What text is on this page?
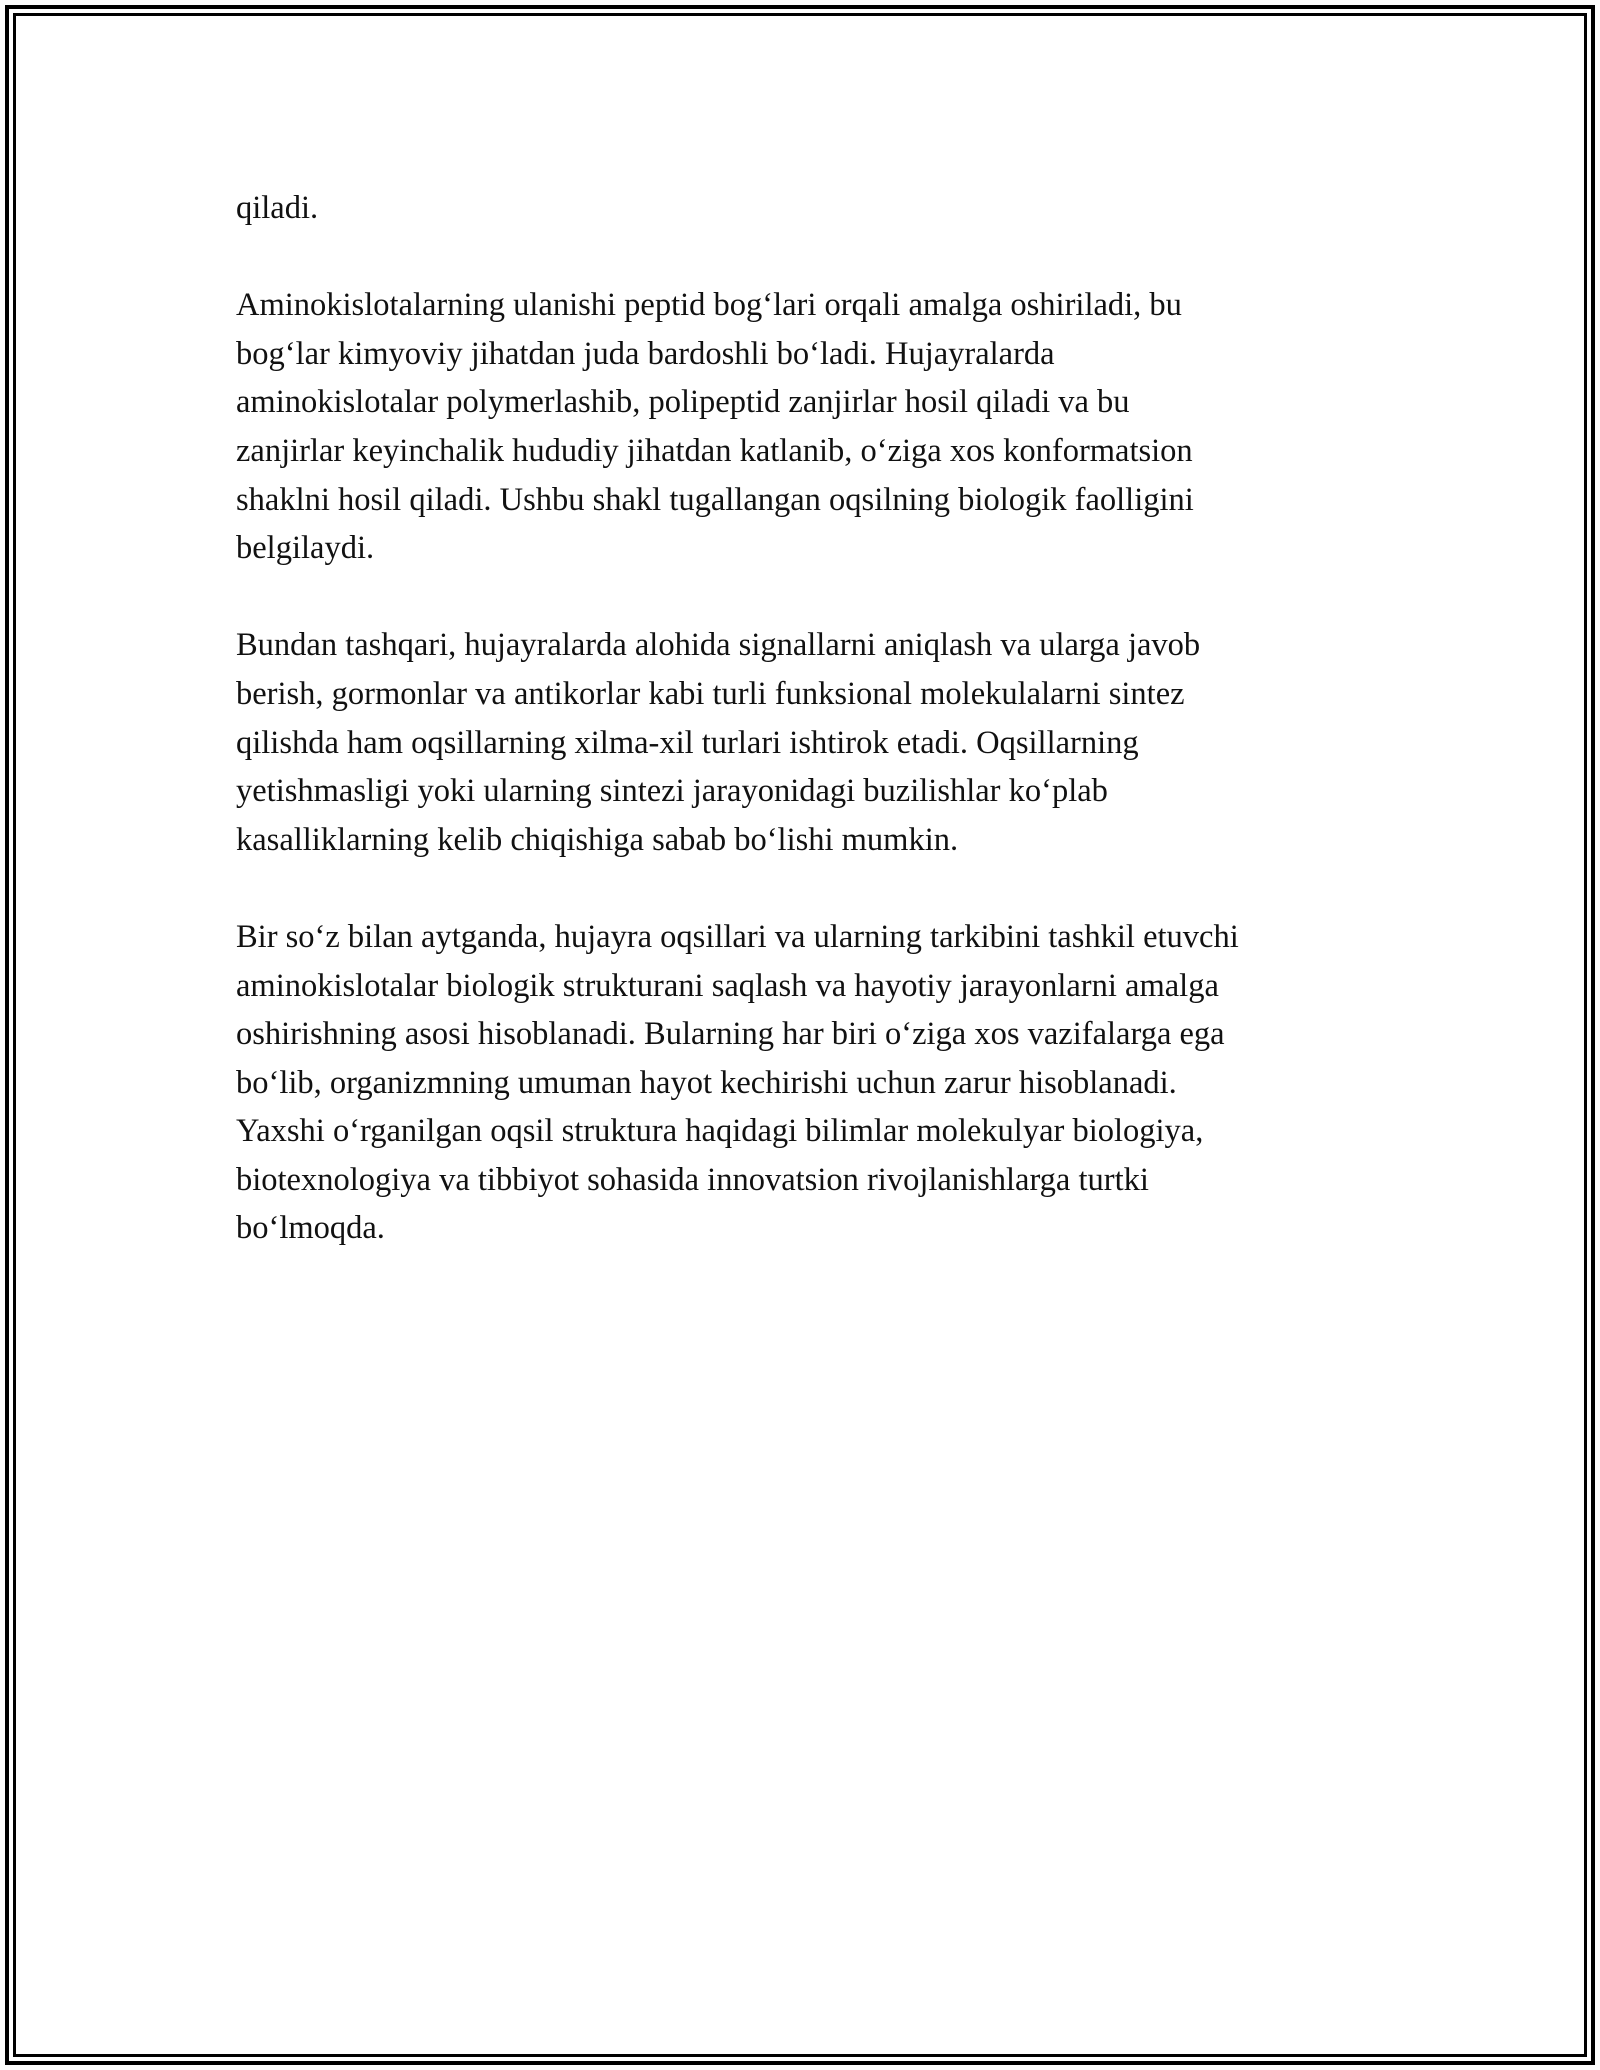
qiladi.

Aminokislotalarning ulanishi peptid bog‘lari orqali amalga oshiriladi, bu
bog‘lar kimyoviy jihatdan juda bardoshli bo‘ladi. Hujayralarda
aminokislotalar polymerlashib, polipeptid zanjirlar hosil qiladi va bu
zanjirlar keyinchalik hududiy jihatdan katlanib, o‘ziga xos konformatsion
shaklni hosil qiladi. Ushbu shakl tugallangan oqsilning biologik faolligini
belgilaydi.

Bundan tashqari, hujayralarda alohida signallarni aniqlash va ularga javob
berish, gormonlar va antikorlar kabi turli funksional molekulalarni sintez
qilishda ham oqsillarning xilma-xil turlari ishtirok etadi. Oqsillarning
yetishmasligi yoki ularning sintezi jarayonidagi buzilishlar ko‘plab
kasalliklarning kelib chiqishiga sabab bo‘lishi mumkin.

Bir so‘z bilan aytganda, hujayra oqsillari va ularning tarkibini tashkil etuvchi
aminokislotalar biologik strukturani saqlash va hayotiy jarayonlarni amalga
oshirishning asosi hisoblanadi. Bularning har biri o‘ziga xos vazifalarga ega
bo‘lib, organizmning umuman hayot kechirishi uchun zarur hisoblanadi.
Yaxshi o‘rganilgan oqsil struktura haqidagi bilimlar molekulyar biologiya,
biotexnologiya va tibbiyot sohasida innovatsion rivojlanishlarga turtki
bo‘lmoqda.
